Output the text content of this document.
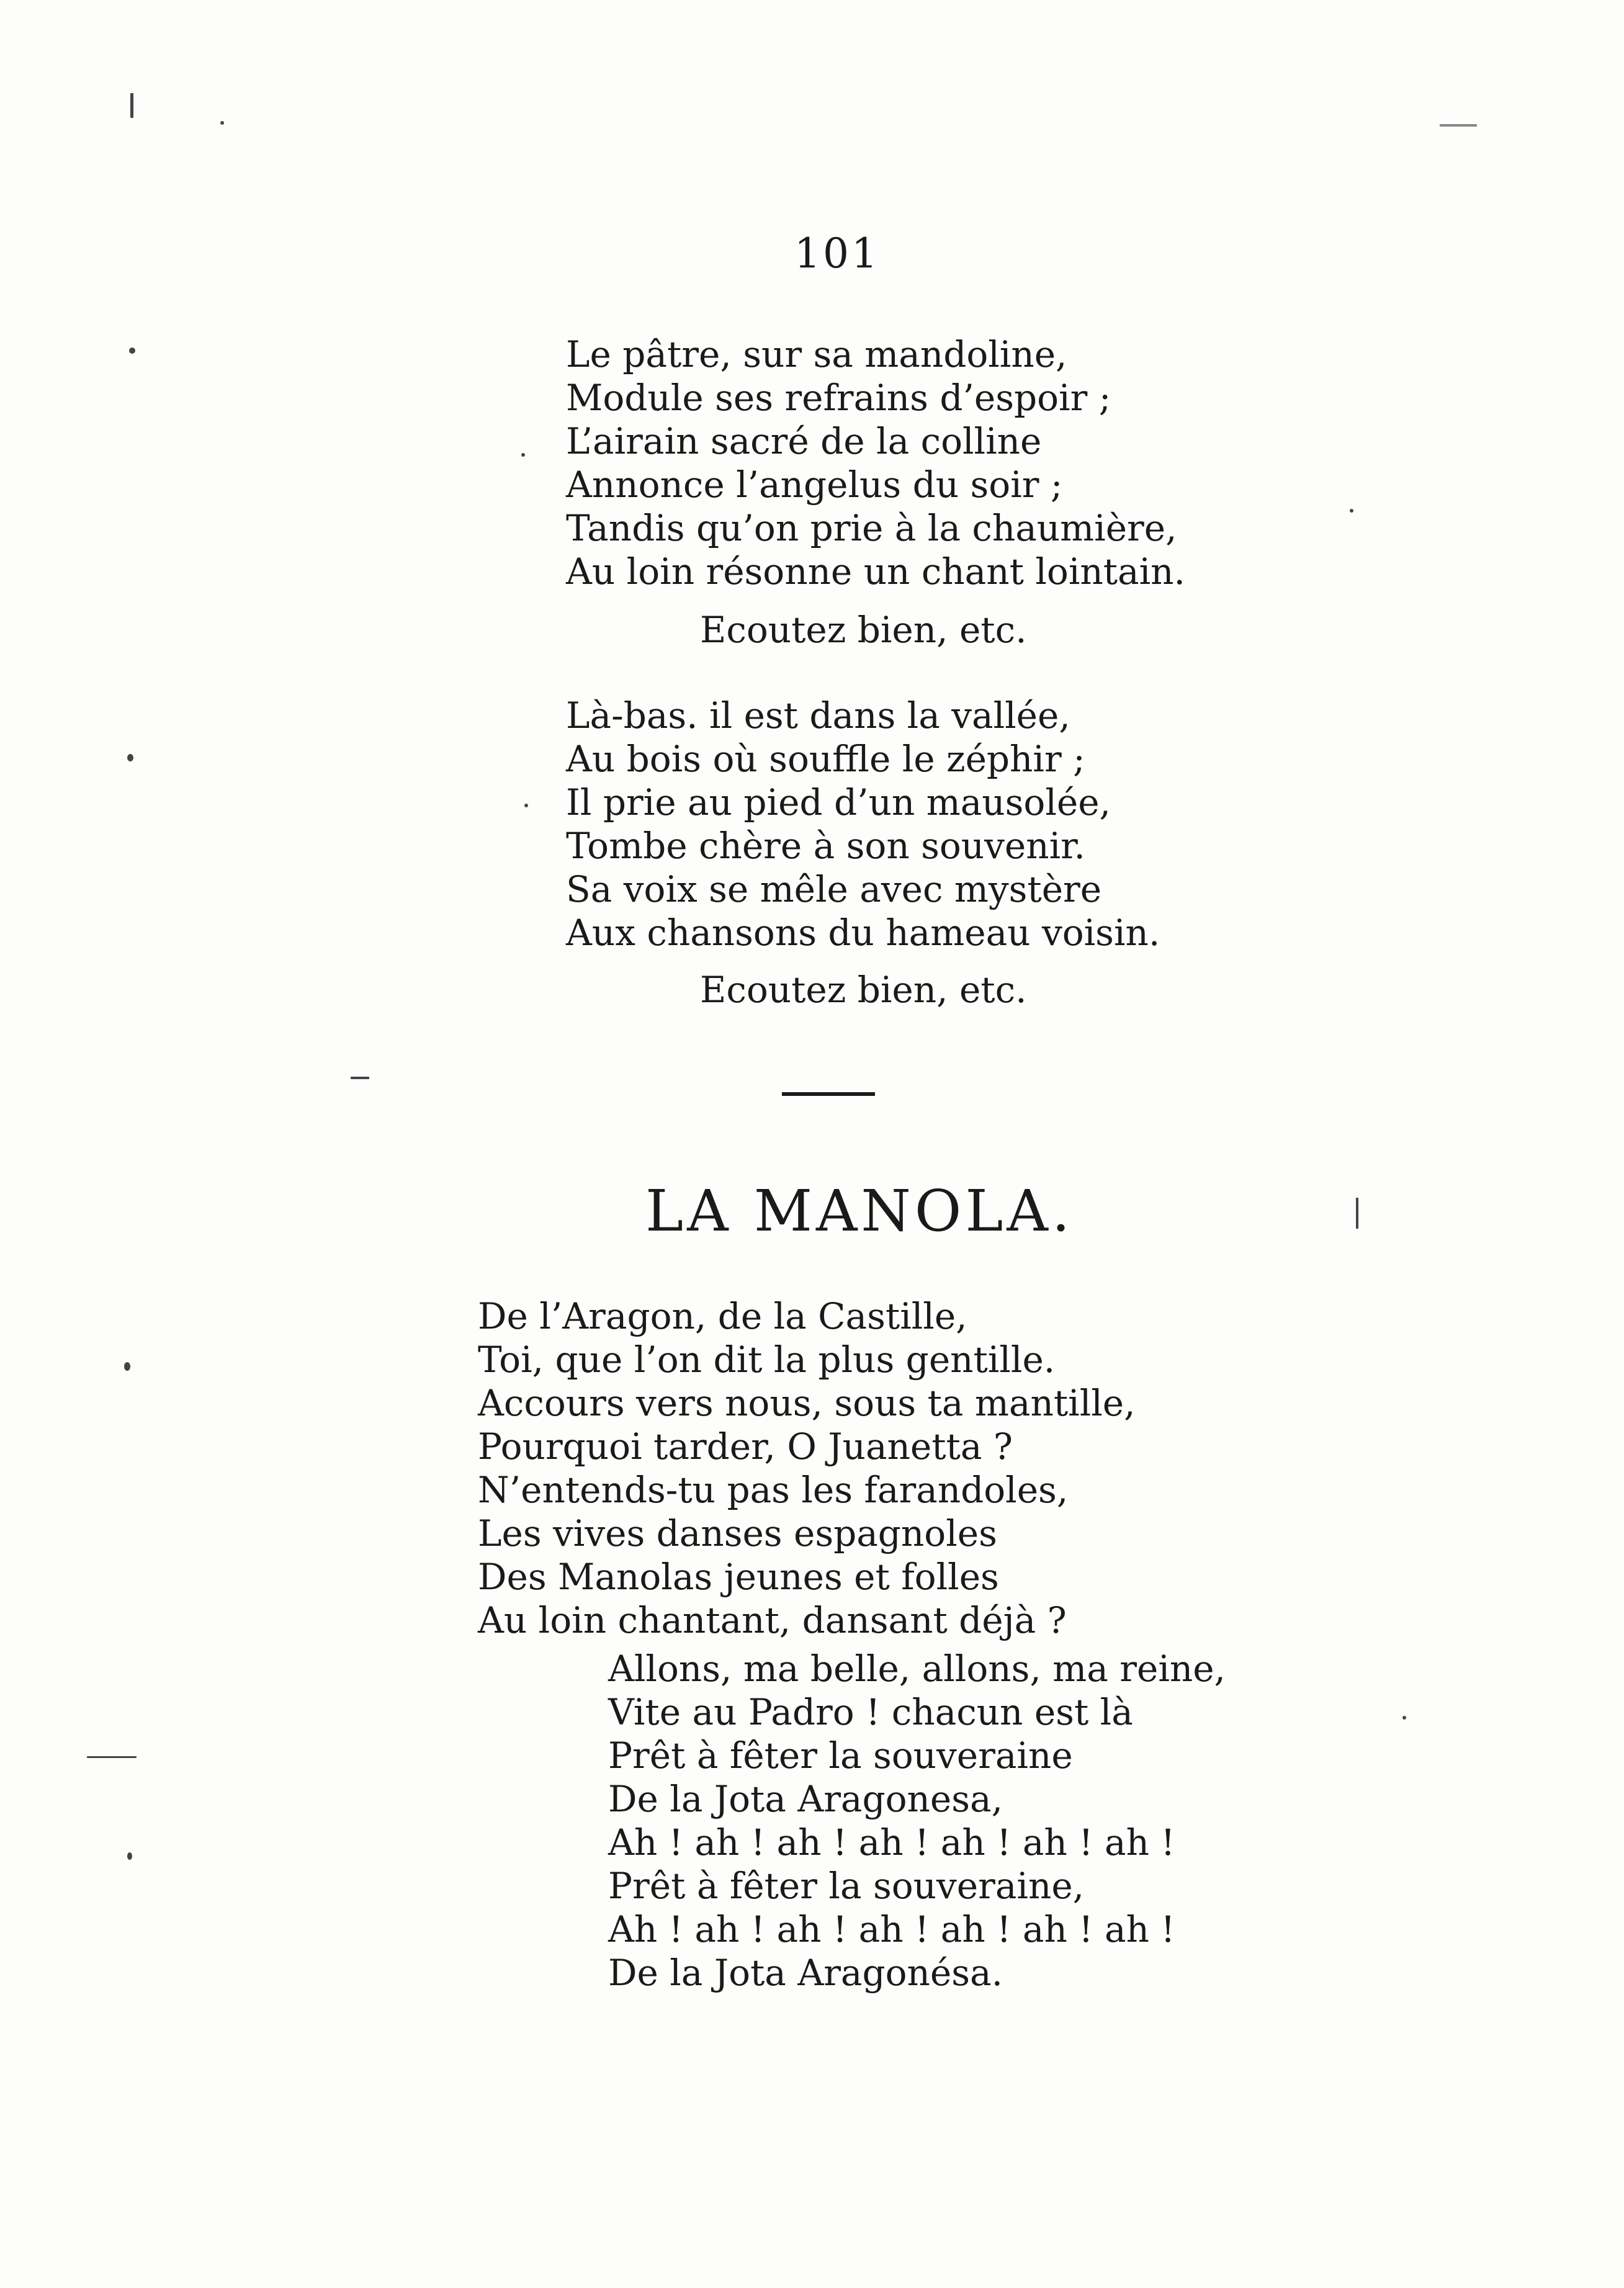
101
Le pâtre, sur sa mandoline,
Module ses refrains d’espoir ;
L’airain sacré de la colline
Annonce l’angelus du soir ;
Tandis qu’on prie à la chaumière,
Au loin résonne un chant lointain.
Ecoutez bien, etc.
Là-bas. il est dans la vallée,
Au bois où souffle le zéphir ;
Il prie au pied d’un mausolée,
Tombe chère à son souvenir.
Sa voix se mêle avec mystère
Aux chansons du hameau voisin.
Ecoutez bien, etc.
LA MANOLA.
De l’Aragon, de la Castille,
Toi, que l’on dit la plus gentille.
Accours vers nous, sous ta mantille,
Pourquoi tarder, O Juanetta ?
N’entends-tu pas les farandoles,
Les vives danses espagnoles
Des Manolas jeunes et folles
Au loin chantant, dansant déjà ?
Allons, ma belle, allons, ma reine,
Vite au Padro ! chacun est là
Prêt à fêter la souveraine
De la Jota Aragonesa,
Ah ! ah ! ah ! ah ! ah ! ah ! ah !
Prêt à fêter la souveraine,
Ah ! ah ! ah ! ah ! ah ! ah ! ah !
De la Jota Aragonésa.
